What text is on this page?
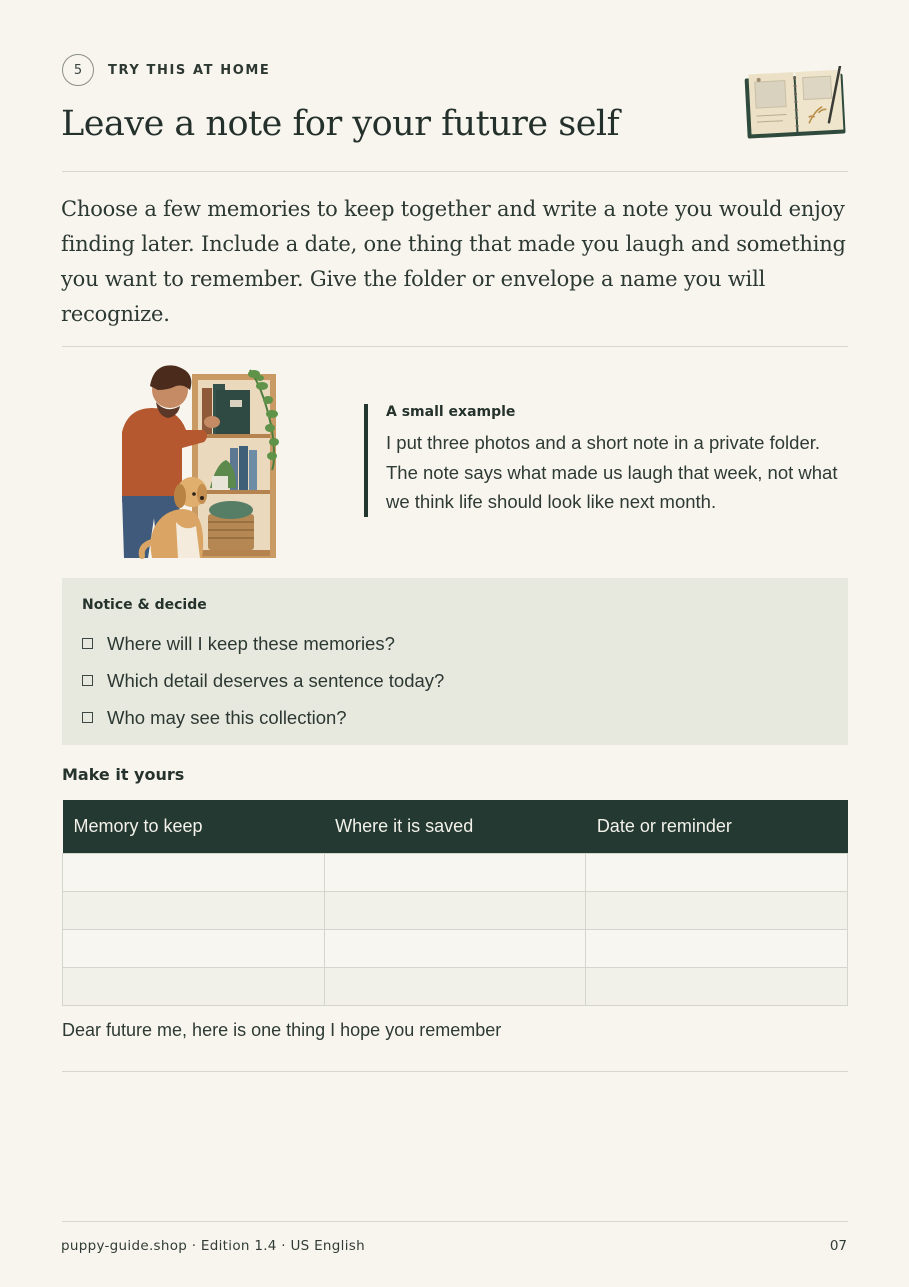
5 TRY THIS AT HOME
Leave a note for your future self

Choose a few memories to keep together and write a note you would enjoy finding later. Include a date, one thing that made you laugh and something you want to remember. Give the folder or envelope a name you will recognize.

A small example

I put three photos and a short note in a private folder. The note says what made us laugh that week, not what we think life should look like next month.

Notice & decide

Where will I keep these memories?
Which detail deserves a sentence today?
Who may see this collection?

Make it yours

Memory to keep	Where it is saved	Date or reminder

Dear future me, here is one thing I hope you remember

puppy-guide.shop · Edition 1.4 · US English	07
